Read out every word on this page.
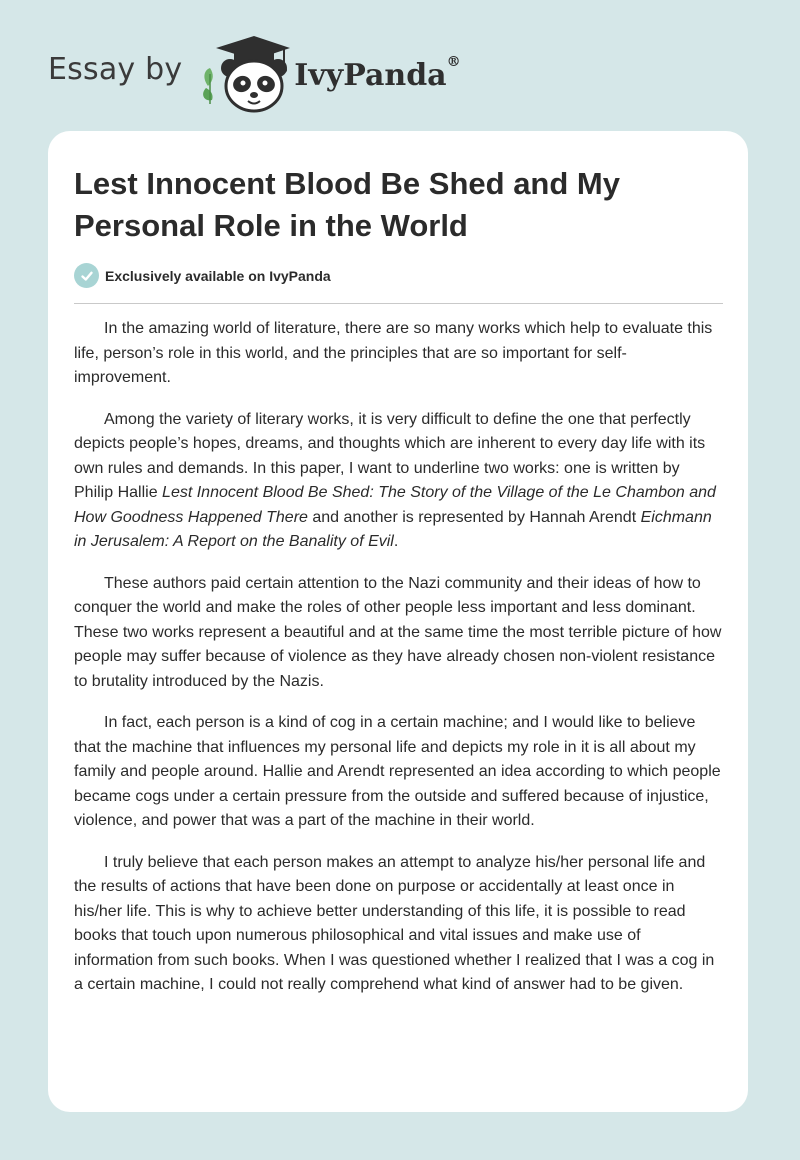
Essay by	IvyPanda®
Lest Innocent Blood Be Shed and My Personal Role in the World
Exclusively available on IvyPanda

In the amazing world of literature, there are so many works which help to evaluate this life, person’s role in this world, and the principles that are so important for self-improvement.

Among the variety of literary works, it is very difficult to define the one that perfectly depicts people’s hopes, dreams, and thoughts which are inherent to every day life with its own rules and demands. In this paper, I want to underline two works: one is written by Philip Hallie Lest Innocent Blood Be Shed: The Story of the Village of the Le Chambon and How Goodness Happened There and another is represented by Hannah Arendt Eichmann in Jerusalem: A Report on the Banality of Evil.

These authors paid certain attention to the Nazi community and their ideas of how to conquer the world and make the roles of other people less important and less dominant. These two works represent a beautiful and at the same time the most terrible picture of how people may suffer because of violence as they have already chosen non-violent resistance to brutality introduced by the Nazis.

In fact, each person is a kind of cog in a certain machine; and I would like to believe that the machine that influences my personal life and depicts my role in it is all about my family and people around. Hallie and Arendt represented an idea according to which people became cogs under a certain pressure from the outside and suffered because of injustice, violence, and power that was a part of the machine in their world.

I truly believe that each person makes an attempt to analyze his/her personal life and the results of actions that have been done on purpose or accidentally at least once in his/her life. This is why to achieve better understanding of this life, it is possible to read books that touch upon numerous philosophical and vital issues and make use of information from such books. When I was questioned whether I realized that I was a cog in a certain machine, I could not really comprehend what kind of answer had to be given.
